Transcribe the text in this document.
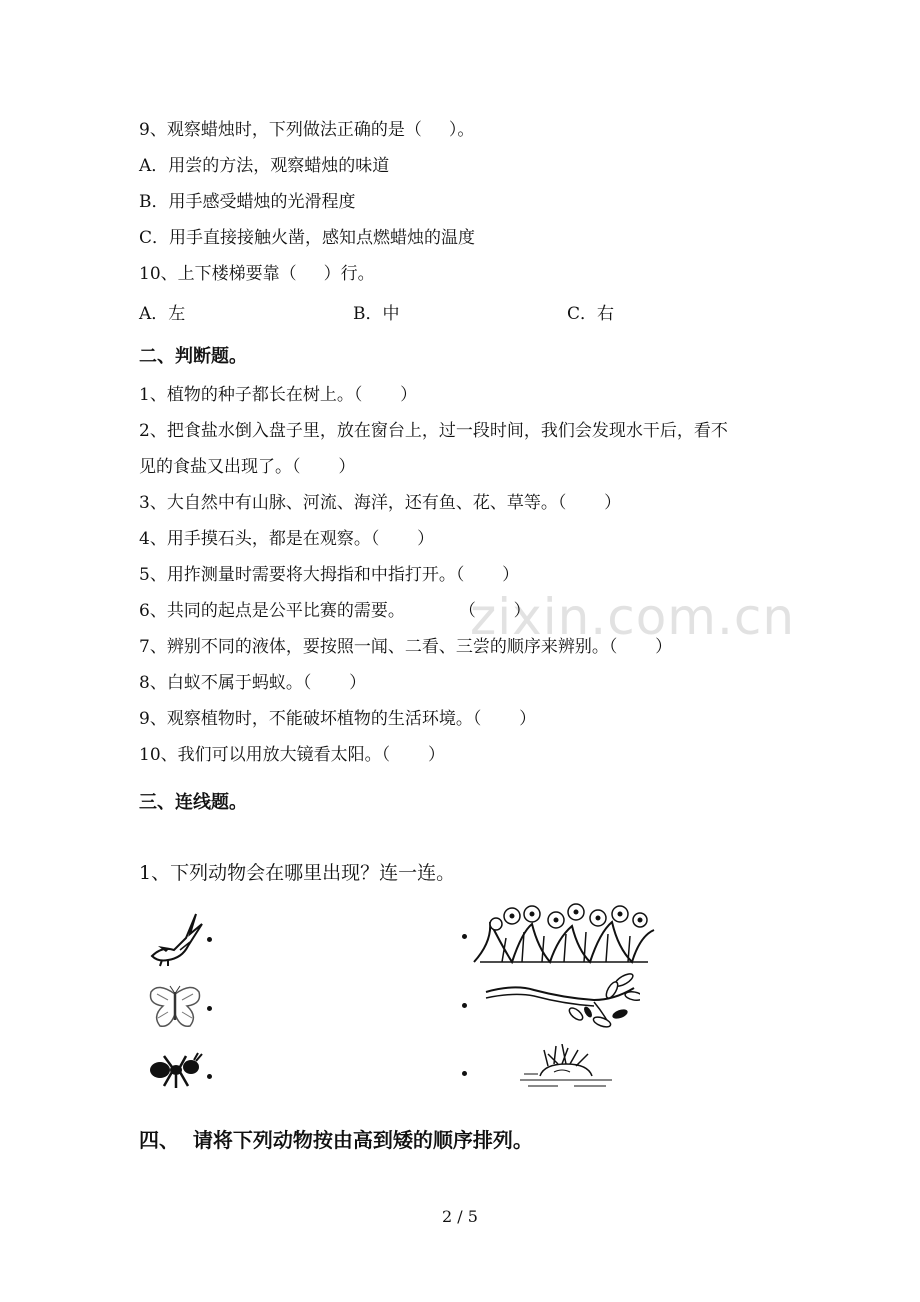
zixin.com.cn
9、观察蜡烛时，下列做法正确的是（     ）。
A．用尝的方法，观察蜡烛的味道
B．用手感受蜡烛的光滑程度
C．用手直接接触火凿，感知点燃蜡烛的温度
10、上下楼梯要靠（     ）行。
A．左	B．中	C．右
二、判断题。
1、植物的种子都长在树上。（       ）
2、把食盐水倒入盘子里，放在窗台上，过一段时间，我们会发现水干后，看不
见的食盐又出现了。（       ）
3、大自然中有山脉、河流、海洋，还有鱼、花、草等。（       ）
4、用手摸石头，都是在观察。（       ）
5、用拃测量时需要将大拇指和中指打开。（       ）
6、共同的起点是公平比赛的需要。          （       ）
7、辨别不同的液体，要按照一闻、二看、三尝的顺序来辨别。（       ）
8、白蚁不属于蚂蚁。（       ）
9、观察植物时，不能破坏植物的生活环境。（       ）
10、我们可以用放大镜看太阳。（       ）
三、连线题。
1、下列动物会在哪里出现？连一连。
四、  请将下列动物按由高到矮的顺序排列。
2 / 5
